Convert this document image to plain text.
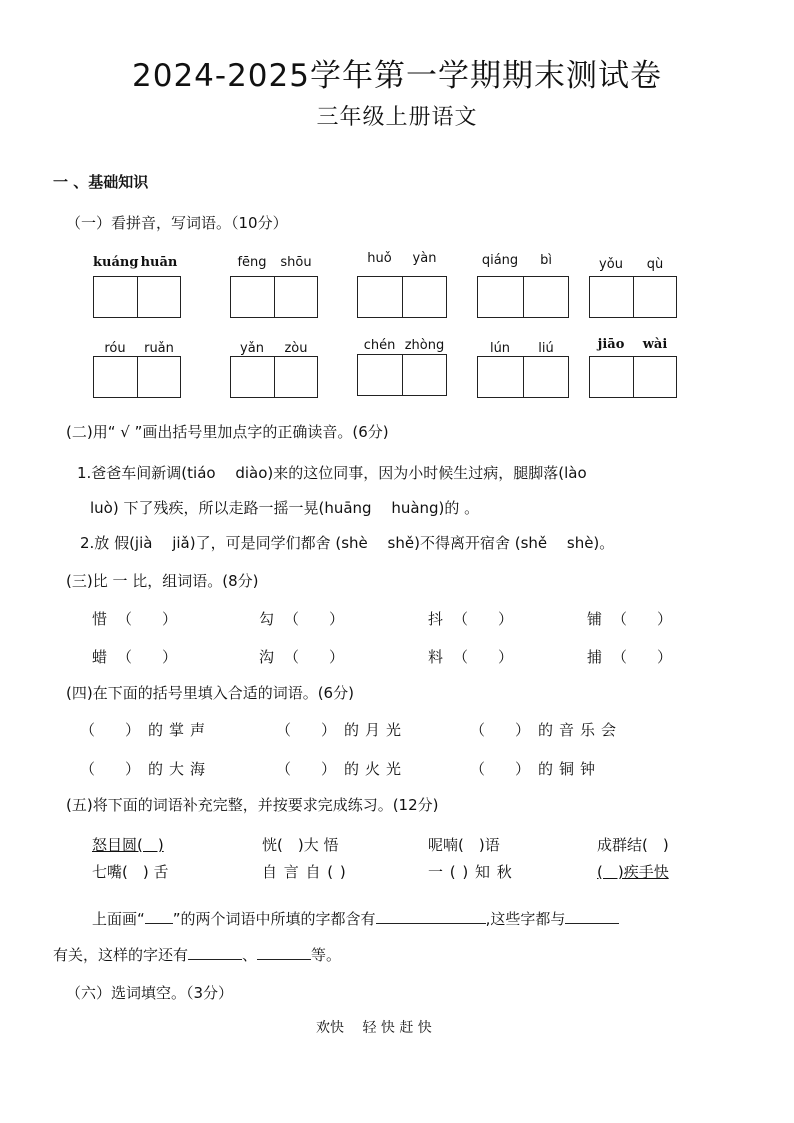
2024-2025学年第一学期期末测试卷
三年级上册语文
一 、基础知识
（一）看拼音，写词语。（10分）
kuáng huān	fēng	shōu	huǒ	yàn	qiáng	bì	yǒu	qù
róu	ruǎn	yǎn	zòu	chén zhòng	lún	liú	jiāo	wài
(二)用“ √ ”画出括号里加点字的正确读音。(6分)
1.爸爸车间新调(tiáo　 diào)来的这位同事，因为小时候生过病，腿脚落(lào
luò) 下了残疾，所以走路一摇一晃(huāng　 huàng)的 。
2.放 假(jià　 jiǎ)了，可是同学们都舍 (shè　 shě)不得离开宿舍 (shě　 shè)。
(三)比 一 比，组词语。(8分)
惜 （　　）	勾 （　　）	抖 （　　）	铺 （　　）
蜡 （　　）	沟 （　　）	料 （　　）	捕 （　　）
(四)在下面的括号里填入合适的词语。(6分)
（　　） 的掌声	（　　） 的月光	（　　） 的音乐会
（　　） 的大海	（　　） 的火光	（　　） 的铜钟
(五)将下面的词语补充完整，并按要求完成练习。(12分)
怒目圆(　)	恍(　)大 悟	呢喃(　)语	成群结(　)
七嘴(　) 舌	自 言 自 ( )	一 ( ) 知 秋	(　)疾手快
上面画“ ”的两个词语中所填的字都含有	,这些字都与
有关，这样的字还有	、	等。
（六）选词填空。（3分）
欢快　 轻 快 赶 快
